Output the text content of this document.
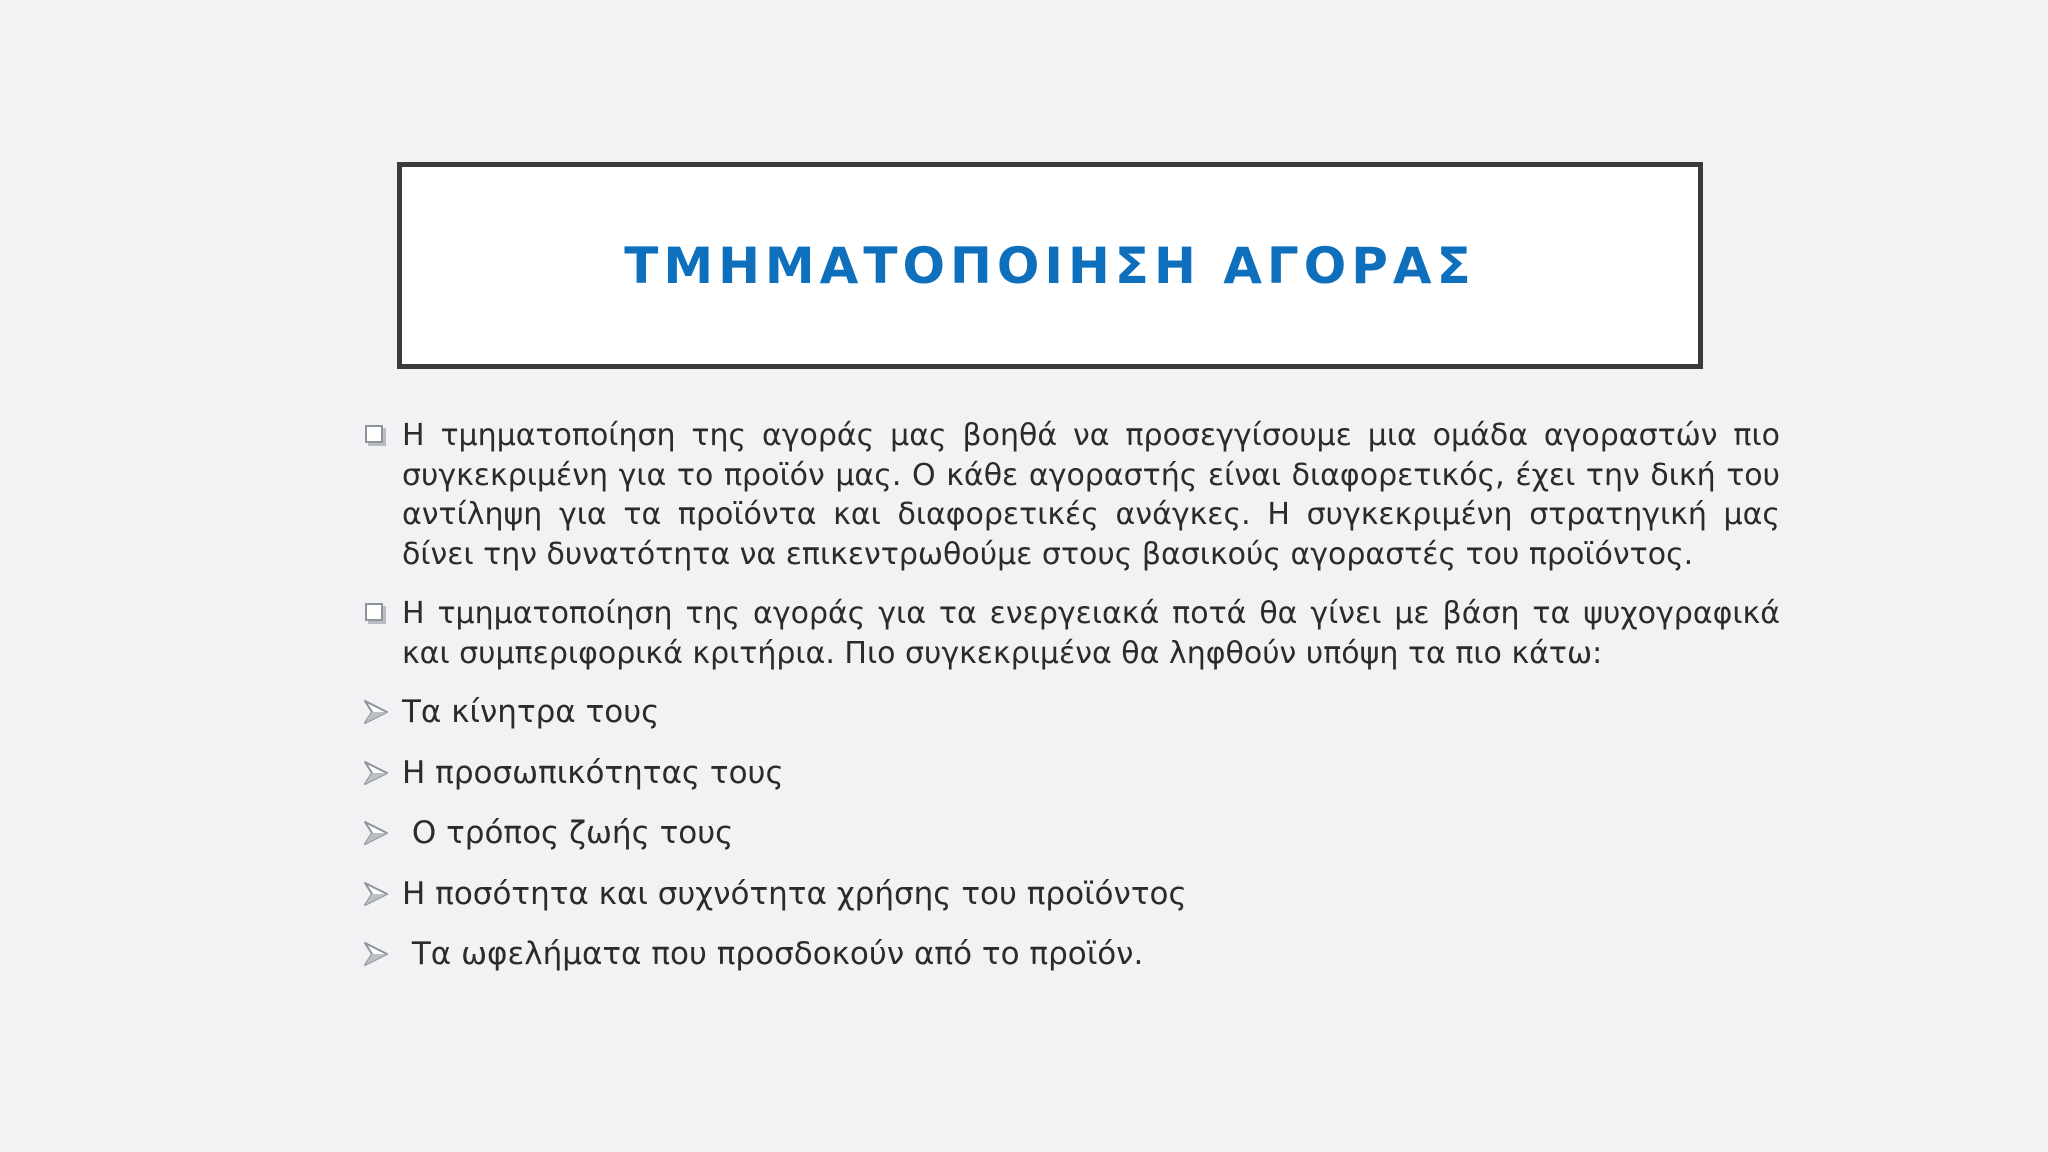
ΤΜΗΜΑΤΟΠΟΙΗΣΗ ΑΓΟΡΑΣ
Η τμηματοποίηση της αγοράς μας βοηθά να προσεγγίσουμε μια ομάδα αγοραστών πιο συγκεκριμένη για το προϊόν μας. Ο κάθε αγοραστής είναι διαφορετικός, έχει την δική του αντίληψη για τα προϊόντα και διαφορετικές ανάγκες. Η συγκεκριμένη στρατηγική μας δίνει την δυνατότητα να επικεντρωθούμε στους βασικούς αγοραστές του προϊόντος.
Η τμηματοποίηση της αγοράς για τα ενεργειακά ποτά θα γίνει με βάση τα ψυχογραφικά και συμπεριφορικά κριτήρια. Πιο συγκεκριμένα θα ληφθούν υπόψη τα πιο κάτω:
Τα κίνητρα τους
Η προσωπικότητας τους
Ο τρόπος ζωής τους
Η ποσότητα και συχνότητα χρήσης του προϊόντος
Τα ωφελήματα που προσδοκούν από το προϊόν.
